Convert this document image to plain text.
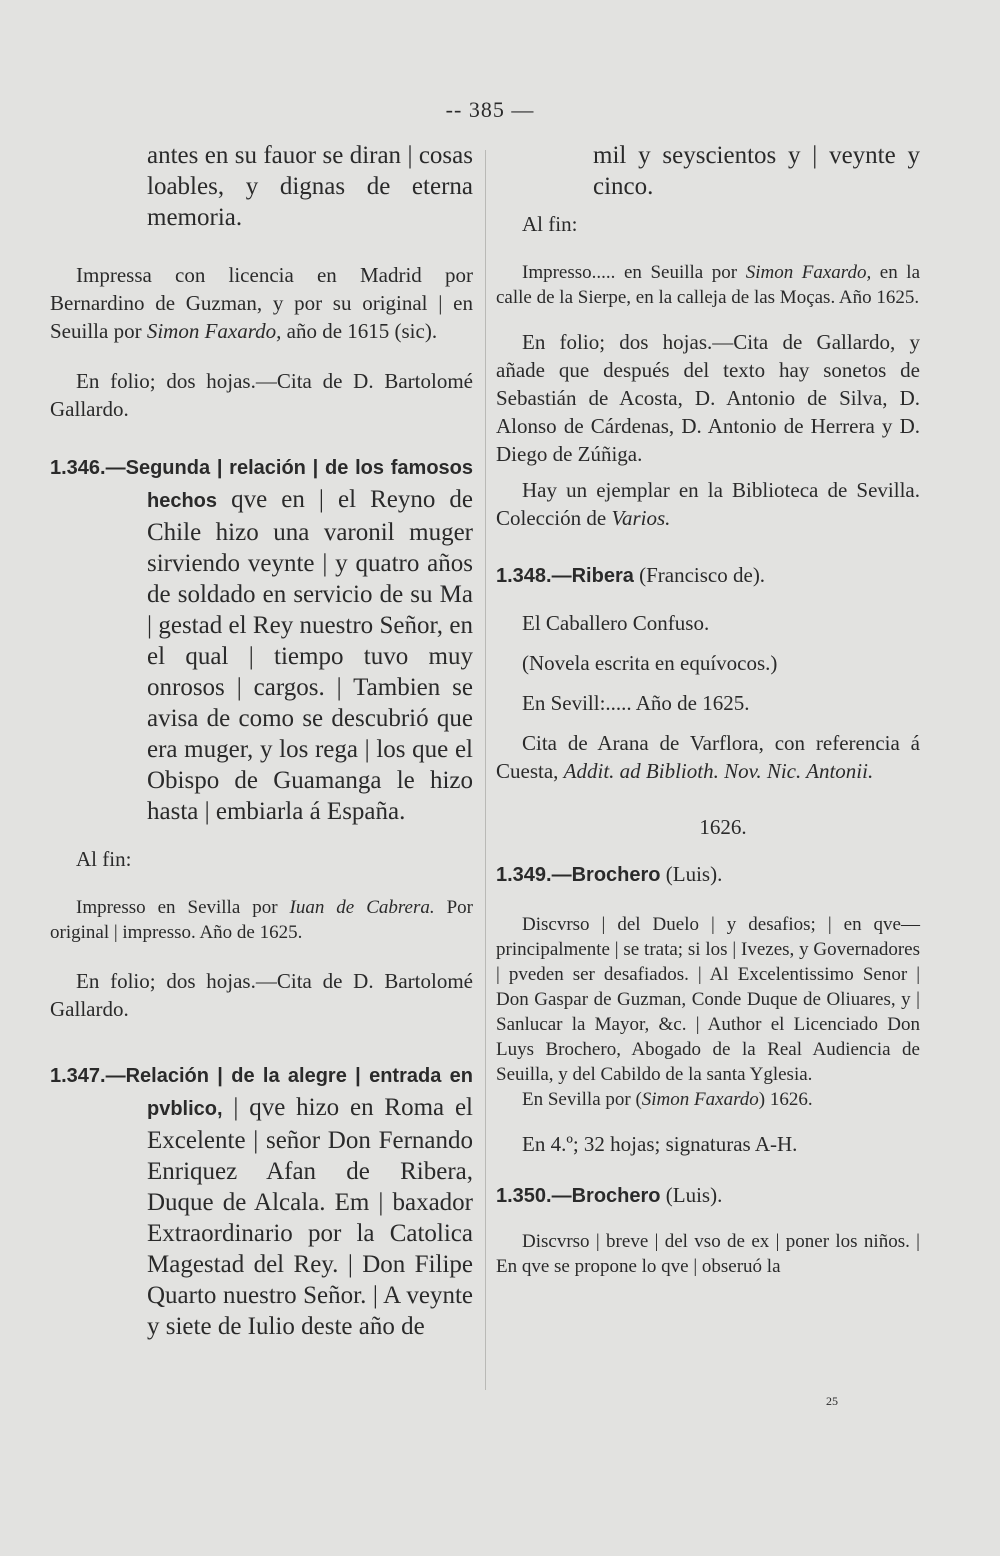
-- 385 —

antes en su fauor se diran | cosas loables, y dignas de eterna memoria.

Impressa con licencia en Madrid por Bernardino de Guzman, y por su original | en Seuilla por Simon Faxardo, año de 1615 (sic).

En folio; dos hojas.—Cita de D. Bartolomé Gallardo.

1.346.—Segunda | relación | de los famosos hechos qve en | el Reyno de Chile hizo una varonil muger sirviendo veynte | y quatro años de soldado en servicio de su Ma | gestad el Rey nuestro Señor, en el qual | tiempo tuvo muy onrosos | cargos. | Tambien se avisa de como se descubrió que era muger, y los rega | los que el Obispo de Guamanga le hizo hasta | embiarla á España.

Al fin:

Impresso en Sevilla por Iuan de Cabrera. Por original | impresso. Año de 1625.

En folio; dos hojas.—Cita de D. Bartolomé Gallardo.

1.347.—Relación | de la alegre | entrada en pvblico, | qve hizo en Roma el Excelente | señor Don Fernando Enriquez Afan de Ribera, Duque de Alcala. Em | baxador Extraordinario por la Catolica Magestad del Rey. | Don Filipe Quarto nuestro Señor. | A veynte y siete de Iulio deste año de

mil y seyscientos y | veynte y cinco.

Al fin:

Impresso..... en Seuilla por Simon Faxardo, en la calle de la Sierpe, en la calleja de las Moças. Año 1625.

En folio; dos hojas.—Cita de Gallardo, y añade que después del texto hay sonetos de Sebastián de Acosta, D. Antonio de Silva, D. Alonso de Cárdenas, D. Antonio de Herrera y D. Diego de Zúñiga.

Hay un ejemplar en la Biblioteca de Sevilla. Colección de Varios.

1.348.—Ribera (Francisco de).

El Caballero Confuso.

(Novela escrita en equívocos.)

En Sevill:..... Año de 1625.

Cita de Arana de Varflora, con referencia á Cuesta, Addit. ad Biblioth. Nov. Nic. Antonii.

1626.

1.349.—Brochero (Luis).

Discvrso | del Duelo | y desafios; | en qve—principalmente | se trata; si los | Ivezes, y Governadores | pveden ser desafiados. | Al Excelentissimo Senor | Don Gaspar de Guzman, Conde Duque de Oliuares, y | Sanlucar la Mayor, &c. | Author el Licenciado Don Luys Brochero, Abogado de la Real Audiencia de Seuilla, y del Cabildo de la santa Yglesia.

En Sevilla por (Simon Faxardo) 1626.

En 4.º; 32 hojas; signaturas A-H.

1.350.—Brochero (Luis).

Discvrso | breve | del vso de ex | poner los niños. | En qve se propone lo qve | obseruó la

25
